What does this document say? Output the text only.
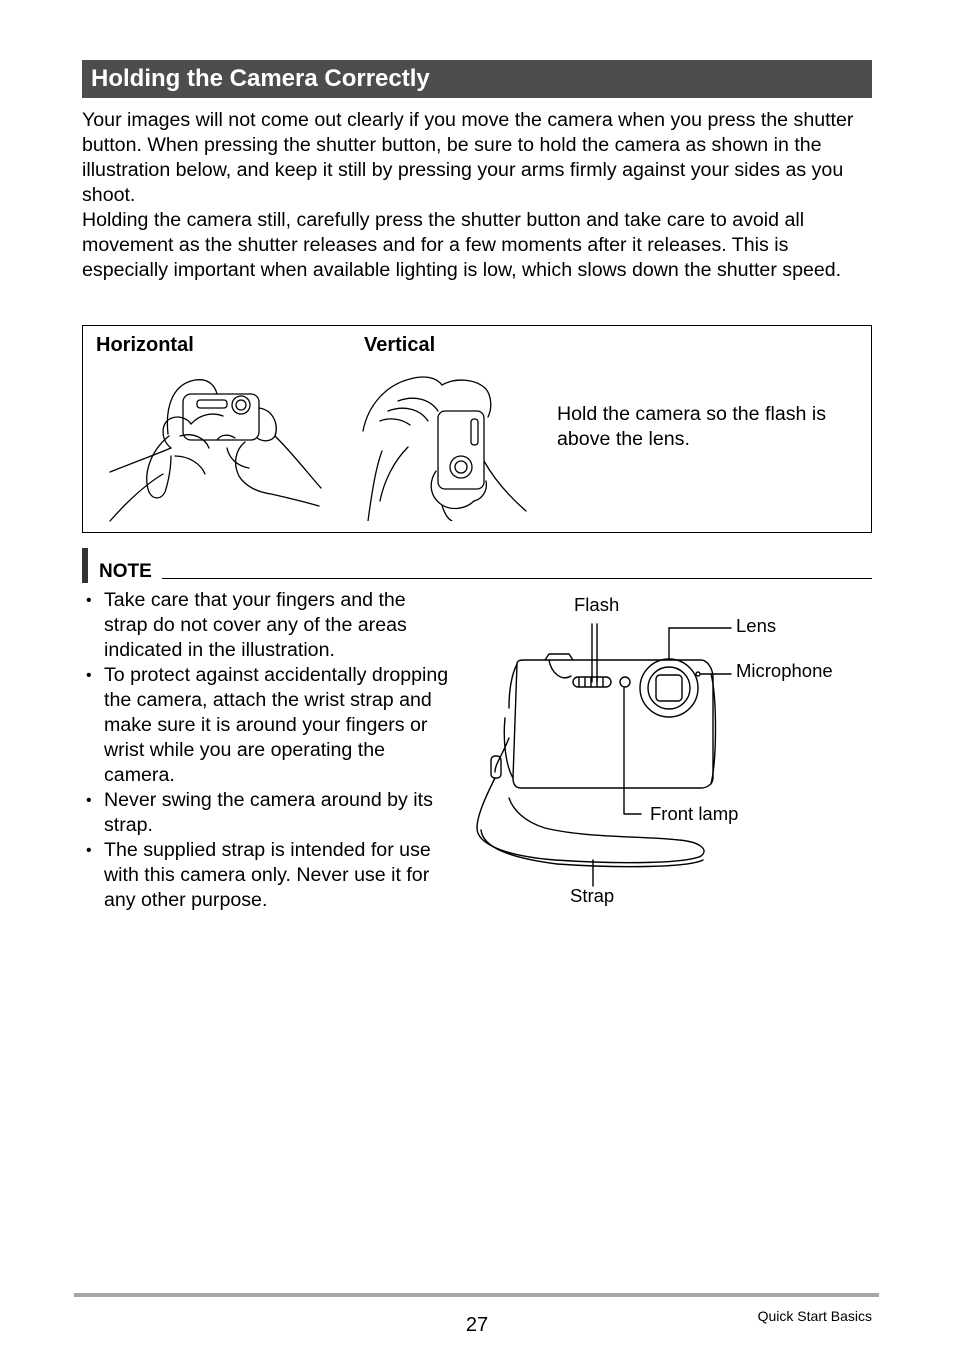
Holding the Camera Correctly

Your images will not come out clearly if you move the camera when you press the shutter button. When pressing the shutter button, be sure to hold the camera as shown in the illustration below, and keep it still by pressing your arms firmly against your sides as you shoot.

Holding the camera still, carefully press the shutter button and take care to avoid all movement as the shutter releases and for a few moments after it releases. This is especially important when available lighting is low, which slows down the shutter speed.

Horizontal	Vertical
Hold the camera so the flash is above the lens.
NOTE
• Take care that your fingers and the strap do not cover any of the areas indicated in the illustration.
• To protect against accidentally dropping the camera, attach the wrist strap and make sure it is around your fingers or wrist while you are operating the camera.
• Never swing the camera around by its strap.
• The supplied strap is intended for use with this camera only. Never use it for any other purpose.
Flash
Lens
Microphone
Front lamp
Strap
27	Quick Start Basics
